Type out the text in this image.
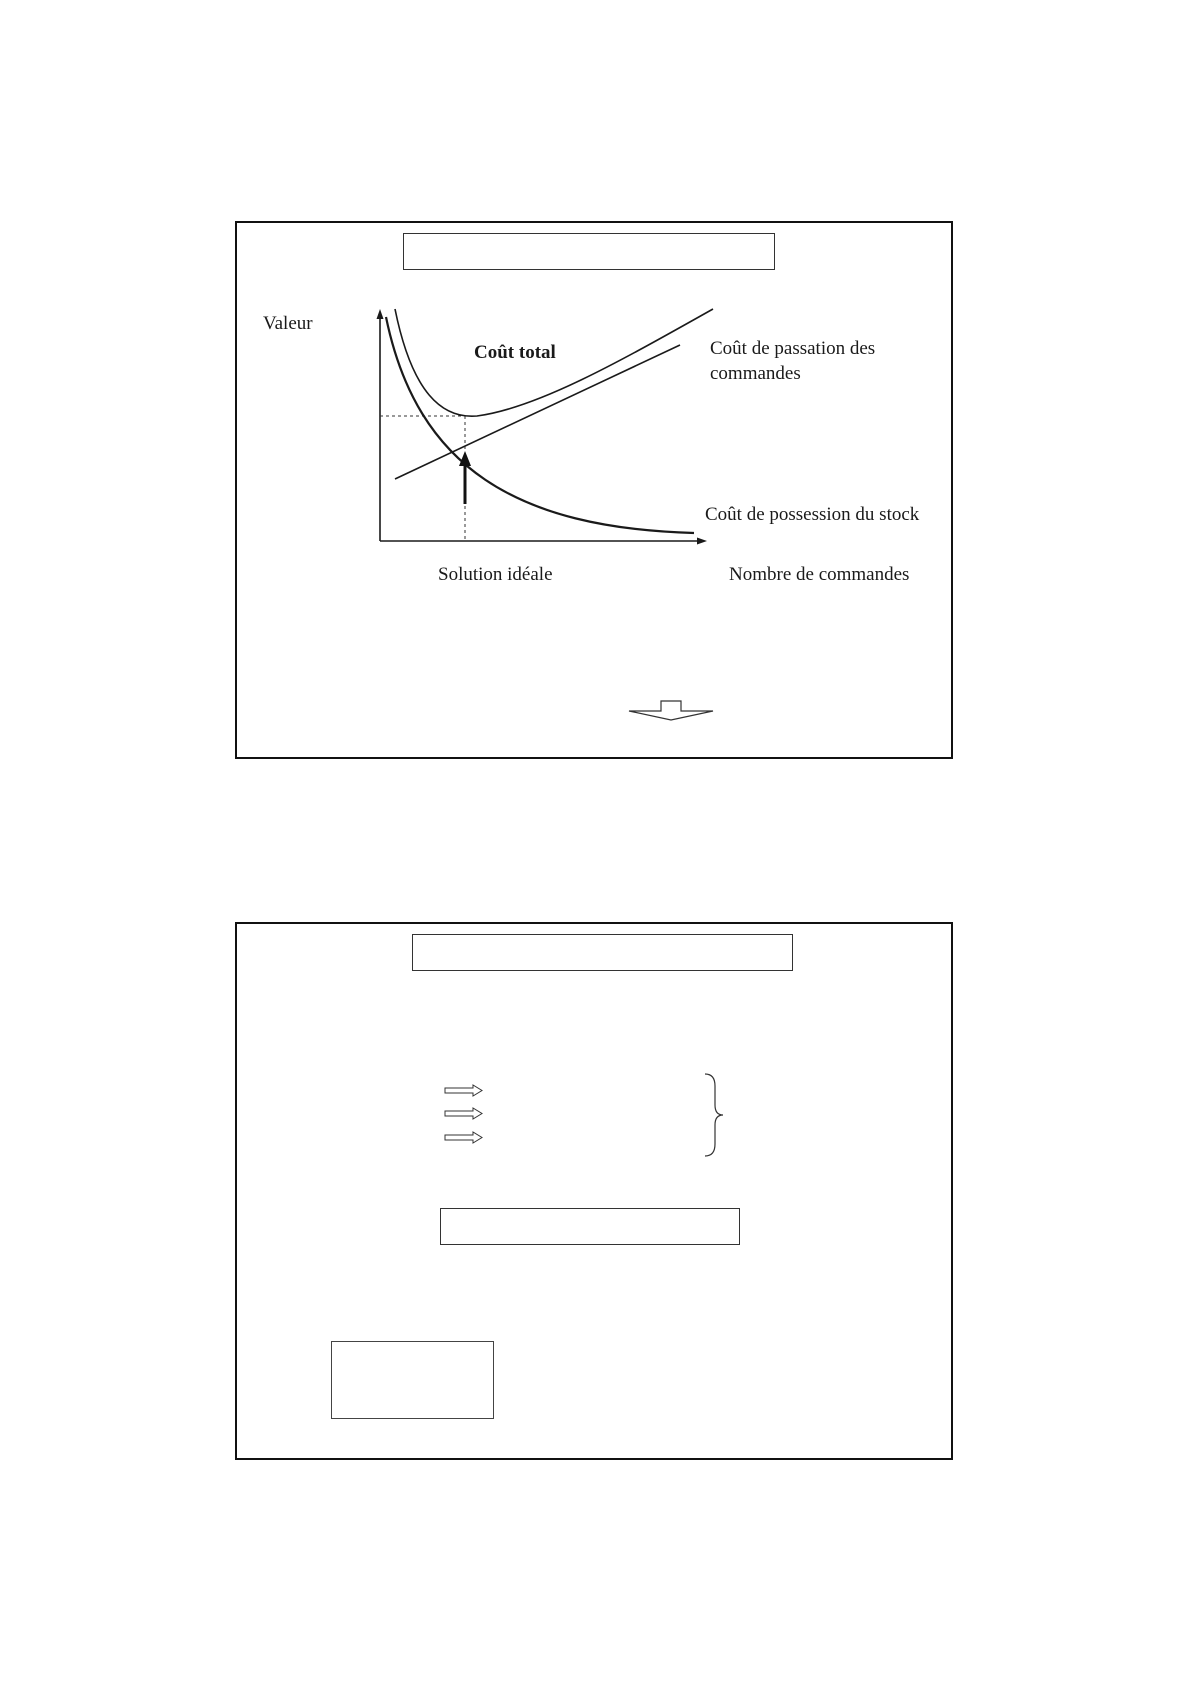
Valeur
Coût total	Coût de passation des
commandes
Coût de possession du stock
Solution idéale	Nombre de commandes
